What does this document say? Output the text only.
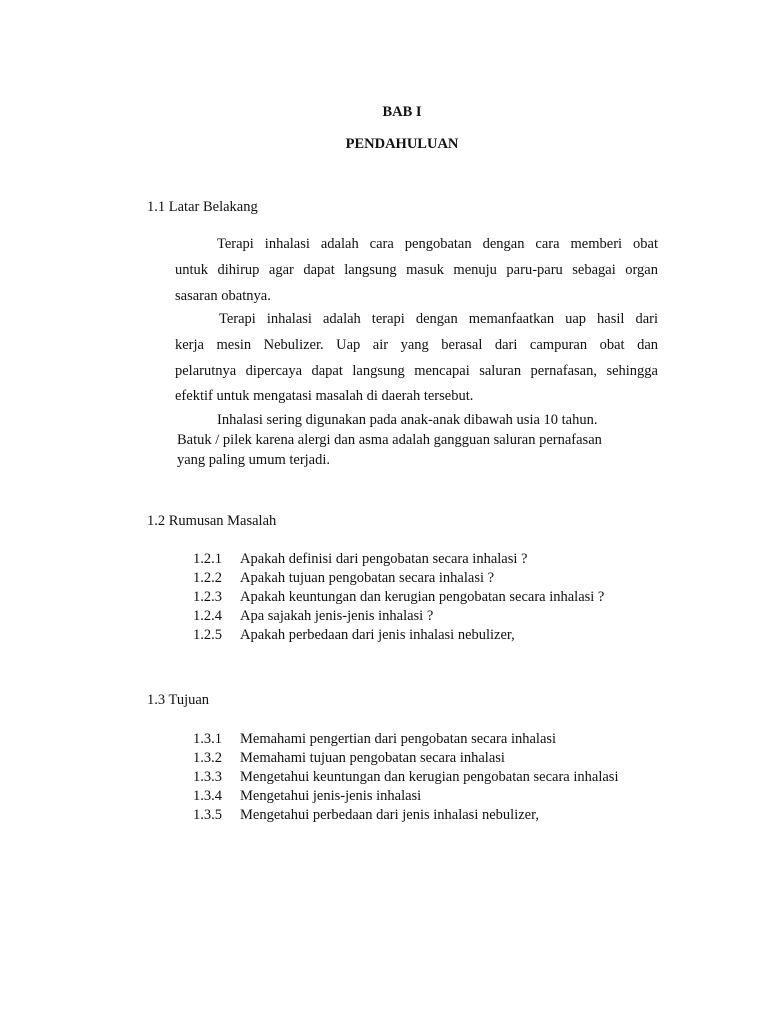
BAB I
PENDAHULUAN
1.1 Latar Belakang
Terapi inhalasi adalah cara pengobatan dengan cara memberi obat
untuk dihirup agar dapat langsung masuk menuju paru-paru sebagai organ
sasaran obatnya.
Terapi inhalasi adalah terapi dengan memanfaatkan uap hasil dari
kerja mesin Nebulizer. Uap air yang berasal dari campuran obat dan
pelarutnya dipercaya dapat langsung mencapai saluran pernafasan, sehingga
efektif untuk mengatasi masalah di daerah tersebut.
Inhalasi sering digunakan pada anak-anak dibawah usia 10 tahun.
Batuk / pilek karena alergi dan asma adalah gangguan saluran pernafasan
yang paling umum terjadi.
1.2 Rumusan Masalah
1.2.1 Apakah definisi dari pengobatan secara inhalasi ?
1.2.2 Apakah tujuan pengobatan secara inhalasi ?
1.2.3 Apakah keuntungan dan kerugian pengobatan secara inhalasi ?
1.2.4 Apa sajakah jenis-jenis inhalasi ?
1.2.5 Apakah perbedaan dari jenis inhalasi nebulizer,
1.3 Tujuan
1.3.1 Memahami pengertian dari pengobatan secara inhalasi
1.3.2 Memahami tujuan pengobatan secara inhalasi
1.3.3 Mengetahui keuntungan dan kerugian pengobatan secara inhalasi
1.3.4 Mengetahui jenis-jenis inhalasi
1.3.5 Mengetahui perbedaan dari jenis inhalasi nebulizer,
